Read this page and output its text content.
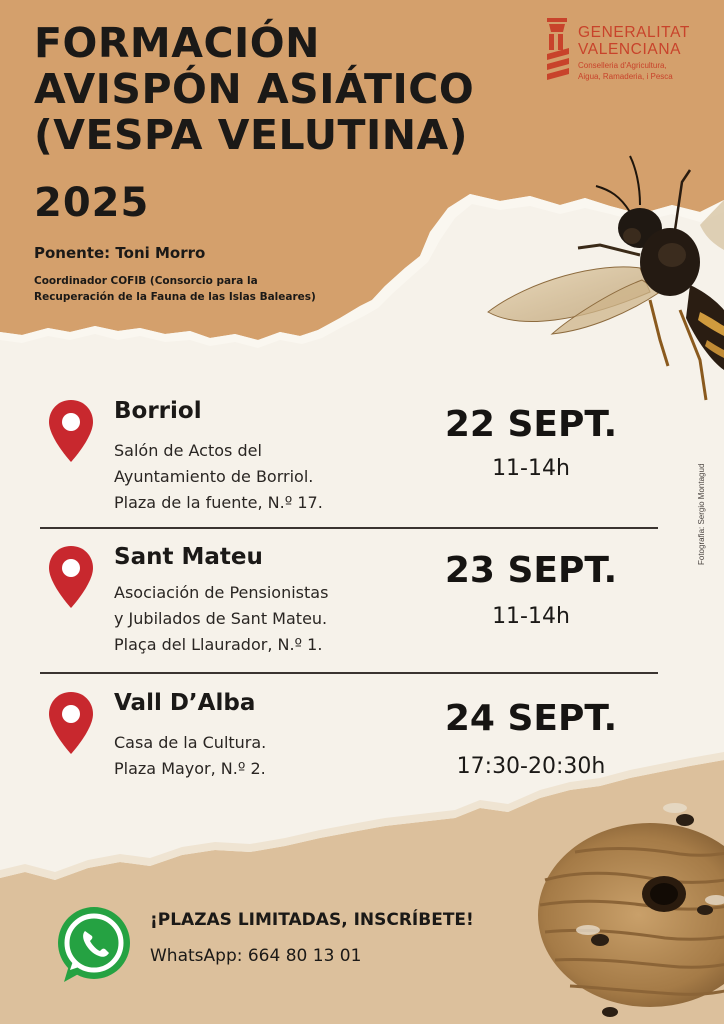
FORMACIÓN
AVISPÓN ASIÁTICO
(VESPA VELUTINA)
2025
Ponente: Toni Morro
Coordinador COFIB (Consorcio para la
Recuperación de la Fauna de las Islas Baleares)
GENERALITAT
VALENCIANA
Conselleria d'Agricultura,
Aigua, Ramaderia, i Pesca
Fotografia: Sergio Montagud
Borriol
Salón de Actos del
Ayuntamiento de Borriol.
Plaza de la fuente, N.º 17.
22 SEPT.
11-14h
Sant Mateu
Asociación de Pensionistas
y Jubilados de Sant Mateu.
Plaça del Llaurador, N.º 1.
23 SEPT.
11-14h
Vall D’Alba
Casa de la Cultura.
Plaza Mayor, N.º 2.
24 SEPT.
17:30-20:30h
¡PLAZAS LIMITADAS, INSCRÍBETE!
WhatsApp: 664 80 13 01
